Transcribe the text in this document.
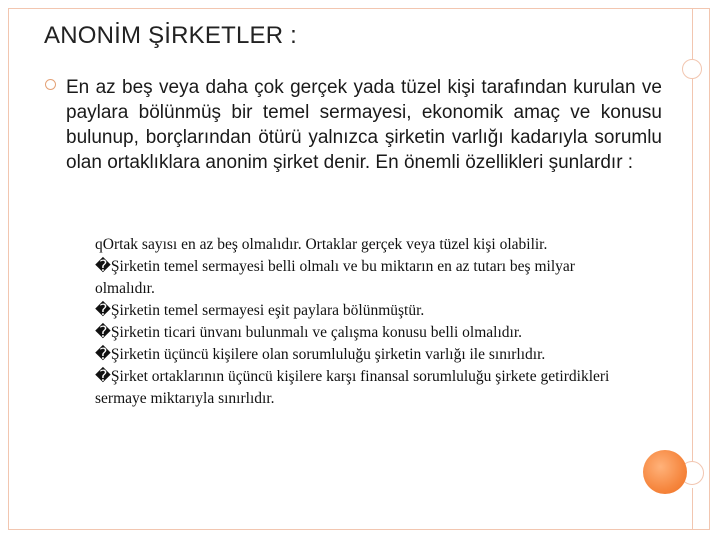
ANONİM ŞİRKETLER :
En az beş veya daha çok gerçek yada tüzel kişi tarafından kurulan ve paylara bölünmüş bir temel sermayesi, ekonomik amaç ve konusu bulunup, borçlarından ötürü yalnızca şirketin varlığı kadarıyla sorumlu olan ortaklıklara anonim şirket denir. En önemli özellikleri şunlardır :

qOrtak sayısı en az beş olmalıdır. Ortaklar gerçek veya tüzel kişi olabilir.

�Şirketin temel sermayesi belli olmalı ve bu miktarın en az tutarı beş milyar olmalıdır.

�Şirketin temel sermayesi eşit paylara bölünmüştür.

�Şirketin ticari ünvanı bulunmalı ve çalışma konusu belli olmalıdır.

�Şirketin üçüncü kişilere olan sorumluluğu şirketin varlığı ile sınırlıdır.

�Şirket ortaklarının üçüncü kişilere karşı finansal sorumluluğu şirkete getirdikleri sermaye miktarıyla sınırlıdır.
